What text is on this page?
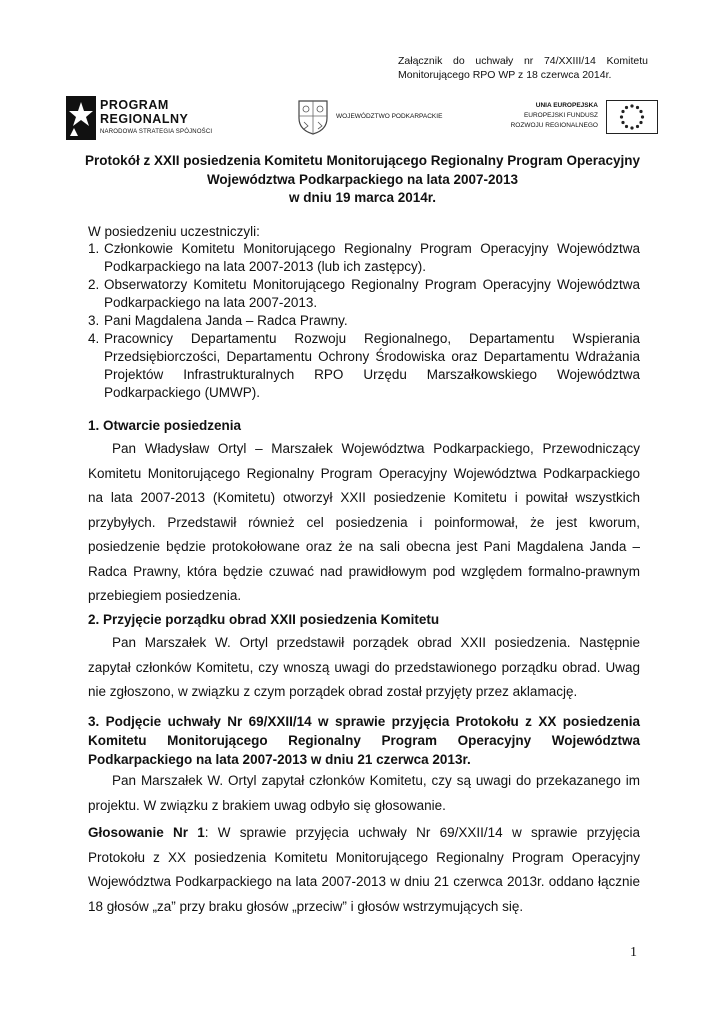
Załącznik do uchwały nr 74/XXIII/14 Komitetu Monitorującego RPO WP z 18 czerwca 2014r.
PROGRAM
REGIONALNY
NARODOWA STRATEGIA SPÓJNOŚCI
WOJEWÓDZTWO PODKARPACKIE
UNIA EUROPEJSKA
EUROPEJSKI FUNDUSZ
ROZWOJU REGIONALNEGO
Protokół z XXII posiedzenia Komitetu Monitorującego Regionalny Program Operacyjny
Województwa Podkarpackiego na lata 2007-2013
w dniu 19 marca 2014r.
W posiedzeniu uczestniczyli:
1. Członkowie Komitetu Monitorującego Regionalny Program Operacyjny Województwa Podkarpackiego na lata 2007-2013 (lub ich zastępcy).
2. Obserwatorzy Komitetu Monitorującego Regionalny Program Operacyjny Województwa Podkarpackiego na lata 2007-2013.
3. Pani Magdalena Janda – Radca Prawny.
4. Pracownicy Departamentu Rozwoju Regionalnego, Departamentu Wspierania Przedsiębiorczości, Departamentu Ochrony Środowiska oraz Departamentu Wdrażania Projektów Infrastrukturalnych RPO Urzędu Marszałkowskiego Województwa Podkarpackiego (UMWP).
1. Otwarcie posiedzenia
Pan Władysław Ortyl – Marszałek Województwa Podkarpackiego, Przewodniczący Komitetu Monitorującego Regionalny Program Operacyjny Województwa Podkarpackiego na lata 2007-2013 (Komitetu) otworzył XXII posiedzenie Komitetu i powitał wszystkich przybyłych. Przedstawił również cel posiedzenia i poinformował, że jest kworum, posiedzenie będzie protokołowane oraz że na sali obecna jest Pani Magdalena Janda – Radca Prawny, która będzie czuwać nad prawidłowym pod względem formalno-prawnym przebiegiem posiedzenia.
2. Przyjęcie porządku obrad XXII posiedzenia Komitetu
Pan Marszałek W. Ortyl przedstawił porządek obrad XXII posiedzenia. Następnie zapytał członków Komitetu, czy wnoszą uwagi do przedstawionego porządku obrad. Uwag nie zgłoszono, w związku z czym porządek obrad został przyjęty przez aklamację.
3. Podjęcie uchwały Nr 69/XXII/14 w sprawie przyjęcia Protokołu z XX posiedzenia Komitetu Monitorującego Regionalny Program Operacyjny Województwa Podkarpackiego na lata 2007-2013 w dniu 21 czerwca 2013r.
Pan Marszałek W. Ortyl zapytał członków Komitetu, czy są uwagi do przekazanego im projektu. W związku z brakiem uwag odbyło się głosowanie.
Głosowanie Nr 1: W sprawie przyjęcia uchwały Nr 69/XXII/14 w sprawie przyjęcia Protokołu z XX posiedzenia Komitetu Monitorującego Regionalny Program Operacyjny Województwa Podkarpackiego na lata 2007-2013 w dniu 21 czerwca 2013r. oddano łącznie 18 głosów „za” przy braku głosów „przeciw” i głosów wstrzymujących się.
1
